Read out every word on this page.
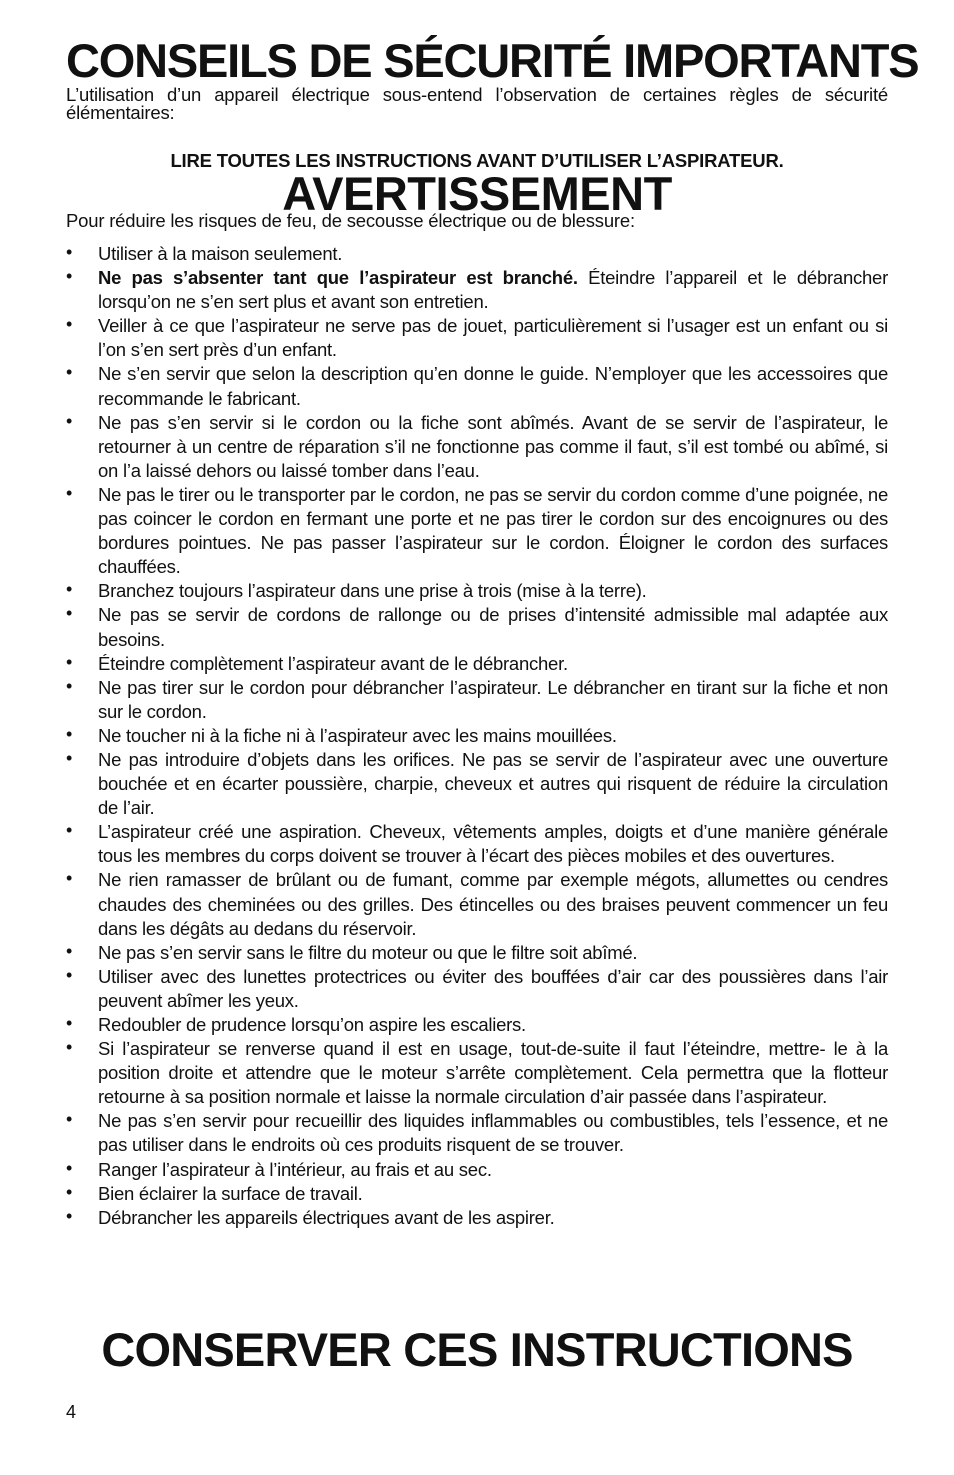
CONSEILS DE SÉCURITÉ IMPORTANTS

L’utilisation d’un appareil électrique sous-entend l’observation de certaines règles de sécurité élémentaires:

LIRE TOUTES LES INSTRUCTIONS AVANT D’UTILISER L’ASPIRATEUR.

AVERTISSEMENT

Pour réduire les risques de feu, de secousse électrique ou de blessure:

• Utiliser à la maison seulement.
• Ne pas s’absenter tant que l’aspirateur est branché. Éteindre l’appareil et le débrancher lorsqu’on ne s’en sert plus et avant son entretien.
• Veiller à ce que l’aspirateur ne serve pas de jouet, particulièrement si l’usager est un enfant ou si l’on s’en sert près d’un enfant.
• Ne s’en servir que selon la description qu’en donne le guide. N’employer que les accessoires que recommande le fabricant.
• Ne pas s’en servir si le cordon ou la fiche sont abîmés. Avant de se servir de l’aspirateur, le retourner à un centre de réparation s’il ne fonctionne pas comme il faut, s’il est tombé ou abîmé, si on l’a laissé dehors ou laissé tomber dans l’eau.
• Ne pas le tirer ou le transporter par le cordon, ne pas se servir du cordon comme d’une poignée, ne pas coincer le cordon en fermant une porte et ne pas tirer le cordon sur des encoignures ou des bordures pointues. Ne pas passer l’aspirateur sur le cordon. Éloigner le cordon des surfaces chauffées.
• Branchez toujours l’aspirateur dans une prise à trois (mise à la terre).
• Ne pas se servir de cordons de rallonge ou de prises d’intensité admissible mal adaptée aux besoins.
• Éteindre complètement l’aspirateur avant de le débrancher.
• Ne pas tirer sur le cordon pour débrancher l’aspirateur. Le débrancher en tirant sur la fiche et non sur le cordon.
• Ne toucher ni à la fiche ni à l’aspirateur avec les mains mouillées.
• Ne pas introduire d’objets dans les orifices. Ne pas se servir de l’aspirateur avec une ouverture bouchée et en écarter poussière, charpie, cheveux et autres qui risquent de réduire la circulation de l’air.
• L’aspirateur créé une aspiration. Cheveux, vêtements amples, doigts et d’une manière générale tous les membres du corps doivent se trouver à l’écart des pièces mobiles et des ouvertures.
• Ne rien ramasser de brûlant ou de fumant, comme par exemple mégots, allumettes ou cendres chaudes des cheminées ou des grilles. Des étincelles ou des braises peuvent commencer un feu dans les dégâts au dedans du réservoir.
• Ne pas s’en servir sans le filtre du moteur ou que le filtre soit abîmé.
• Utiliser avec des lunettes protectrices ou éviter des bouffées d’air car des poussières dans l’air peuvent abîmer les yeux.
• Redoubler de prudence lorsqu’on aspire les escaliers.
• Si l’aspirateur se renverse quand il est en usage, tout-de-suite il faut l’éteindre, mettre- le à la position droite et attendre que le moteur s’arrête complètement. Cela permettra que la flotteur retourne à sa position normale et laisse la normale circulation d’air passée dans l’aspirateur.
• Ne pas s’en servir pour recueillir des liquides inflammables ou combustibles, tels l’essence, et ne pas utiliser dans le endroits où ces produits risquent de se trouver.
• Ranger l’aspirateur à l’intérieur, au frais et au sec.
• Bien éclairer la surface de travail.
• Débrancher les appareils électriques avant de les aspirer.
CONSERVER CES INSTRUCTIONS
4
